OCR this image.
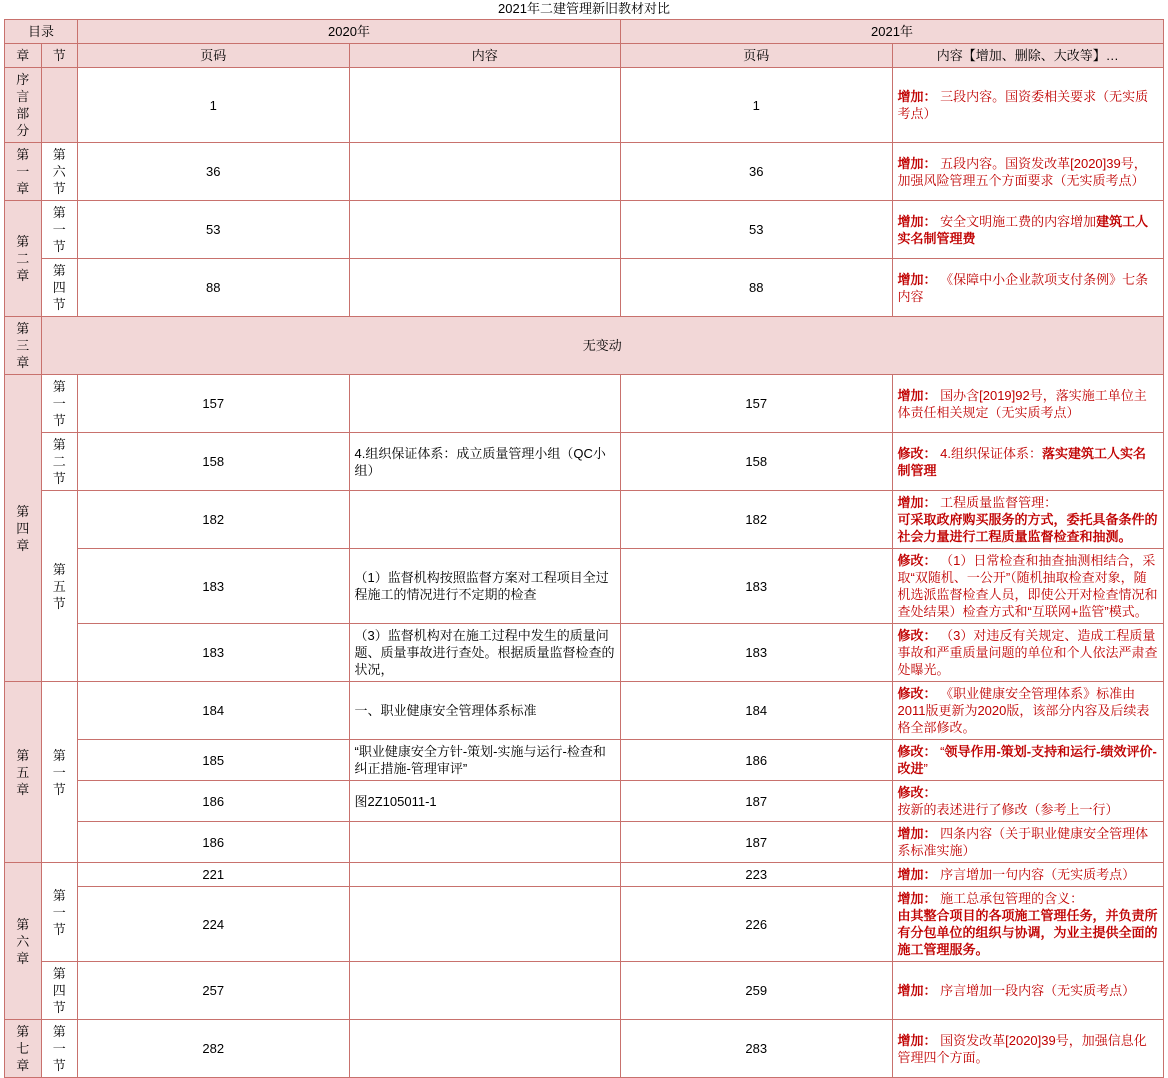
2021年二建管理新旧教材对比
目录		2020年		2021年	
章	节	页码	内容	页码	内容【增加、删除、大改等】…
序言部分		1		1	增加： 三段内容。国资委相关要求（无实质考点）
第一章	第六节	36		36	增加： 五段内容。国资发改革[2020]39号，加强风险管理五个方面要求（无实质考点）
第二章	第一节	53		53	增加： 安全文明施工费的内容增加建筑工人实名制管理费
	第四节	88		88	增加： 《保障中小企业款项支付条例》七条内容
第三章	无变动				
第四章	第一节	157		157	增加： 国办含[2019]92号，落实施工单位主体责任相关规定（无实质考点）
	第二节	158	4.组织保证体系：成立质量管理小组（QC小组）	158	修改： 4.组织保证体系：落实建筑工人实名制管理
	第五节	182		182	增加： 工程质量监督管理：
可采取政府购买服务的方式，委托具备条件的社会力量进行工程质量监督检查和抽测。
		183	（1）监督机构按照监督方案对工程项目全过程施工的情况进行不定期的检查	183	修改： （1）日常检查和抽查抽测相结合，采取“双随机、一公开”（随机抽取检查对象，随机选派监督检查人员，即使公开对检查情况和查处结果）检查方式和“互联网+监管”模式。
		183	（3）监督机构对在施工过程中发生的质量问题、质量事故进行查处。根据质量监督检查的状况，	183	修改： （3）对违反有关规定、造成工程质量事故和严重质量问题的单位和个人依法严肃查处曝光。
第五章	第一节	184	一、职业健康安全管理体系标准	184	修改： 《职业健康安全管理体系》标准由2011版更新为2020版，该部分内容及后续表格全部修改。
		185	“职业健康安全方针-策划-实施与运行-检查和纠正措施-管理审评”	186	修改： “领导作用-策划-支持和运行-绩效评价-改进”
		186	图2Z105011-1	187	修改： 按新的表述进行了修改（参考上一行）
		186		187	增加： 四条内容（关于职业健康安全管理体系标准实施）
第六章	第一节	221		223	增加： 序言增加一句内容（无实质考点）
		224		226	增加： 施工总承包管理的含义：
由其整合项目的各项施工管理任务，并负责所有分包单位的组织与协调，为业主提供全面的施工管理服务。
	第四节	257		259	增加： 序言增加一段内容（无实质考点）
第七章	第一节	282		283	增加： 国资发改革[2020]39号，加强信息化管理四个方面。
